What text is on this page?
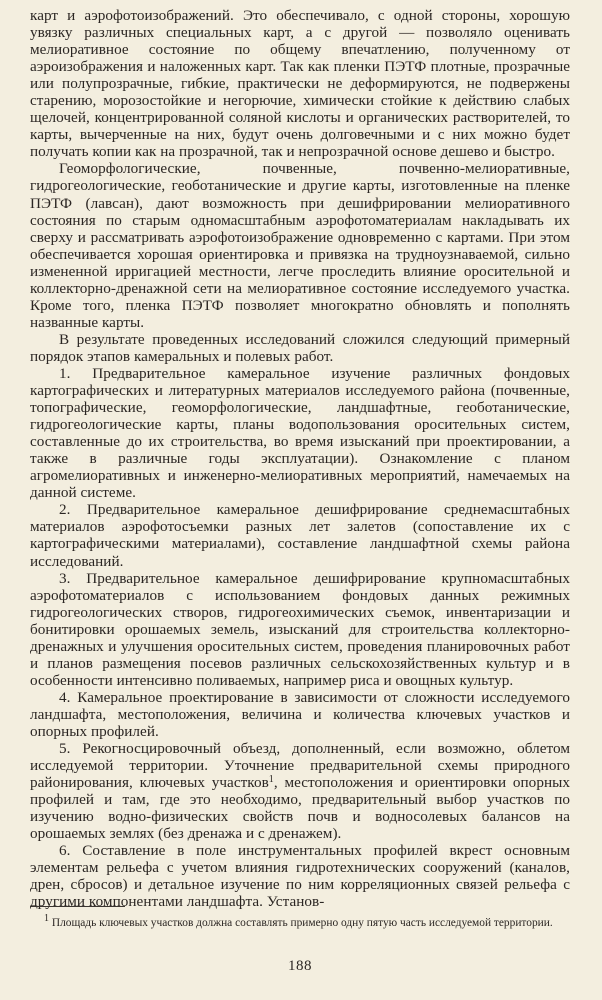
карт и аэрофотоизображений. Это обеспечивало, с одной стороны, хорошую увязку различных специальных карт, а с другой — позволяло оценивать мелиоративное состояние по общему впечатлению, полученному от аэроизображения и наложенных карт. Так как пленки ПЭТФ плотные, прозрачные или полупрозрачные, гибкие, практически не деформируются, не подвержены старению, морозостойкие и негорючие, химически стойкие к действию слабых щелочей, концентрированной соляной кислоты и органических растворителей, то карты, вычерченные на них, будут очень долговечными и с них можно будет получать копии как на прозрачной, так и непрозрачной основе дешево и быстро.

Геоморфологические, почвенные, почвенно-мелиоративные, гидрогеологические, геоботанические и другие карты, изготовленные на пленке ПЭТФ (лавсан), дают возможность при дешифрировании мелиоративного состояния по старым одномасштабным аэрофотоматериалам накладывать их сверху и рассматривать аэрофотоизображение одновременно с картами. При этом обеспечивается хорошая ориентировка и привязка на трудноузнаваемой, сильно измененной ирригацией местности, легче проследить влияние оросительной и коллекторно-дренажной сети на мелиоративное состояние исследуемого участка. Кроме того, пленка ПЭТФ позволяет многократно обновлять и пополнять названные карты.

В результате проведенных исследований сложился следующий примерный порядок этапов камеральных и полевых работ.

1. Предварительное камеральное изучение различных фондовых картографических и литературных материалов исследуемого района (почвенные, топографические, геоморфологические, ландшафтные, геоботанические, гидрогеологические карты, планы водопользования оросительных систем, составленные до их строительства, во время изысканий при проектировании, а также в различные годы эксплуатации). Ознакомление с планом агромелиоративных и инженерно-мелиоративных мероприятий, намечаемых на данной системе.

2. Предварительное камеральное дешифрирование среднемасштабных материалов аэрофотосъемки разных лет залетов (сопоставление их с картографическими материалами), составление ландшафтной схемы района исследований.

3. Предварительное камеральное дешифрирование крупномасштабных аэрофотоматериалов с использованием фондовых данных режимных гидрогеологических створов, гидрогеохимических съемок, инвентаризации и бонитировки орошаемых земель, изысканий для строительства коллекторно-дренажных и улучшения оросительных систем, проведения планировочных работ и планов размещения посевов различных сельскохозяйственных культур и в особенности интенсивно поливаемых, например риса и овощных культур.

4. Камеральное проектирование в зависимости от сложности исследуемого ландшафта, местоположения, величина и количества ключевых участков и опорных профилей.

5. Рекогносцировочный объезд, дополненный, если возможно, облетом исследуемой территории. Уточнение предварительной схемы природного районирования, ключевых участков$^1$, местоположения и ориентировки опорных профилей и там, где это необходимо, предварительный выбор участков по изучению водно-физических свойств почв и водносолевых балансов на орошаемых землях (без дренажа и с дренажем).

6. Составление в поле инструментальных профилей вкрест основным элементам рельефа с учетом влияния гидротехнических сооружений (каналов, дрен, сбросов) и детальное изучение по ним корреляционных связей рельефа с другими компонентами ландшафта. Установ-

$^1$ Площадь ключевых участков должна составлять примерно одну пятую часть исследуемой территории.

188
